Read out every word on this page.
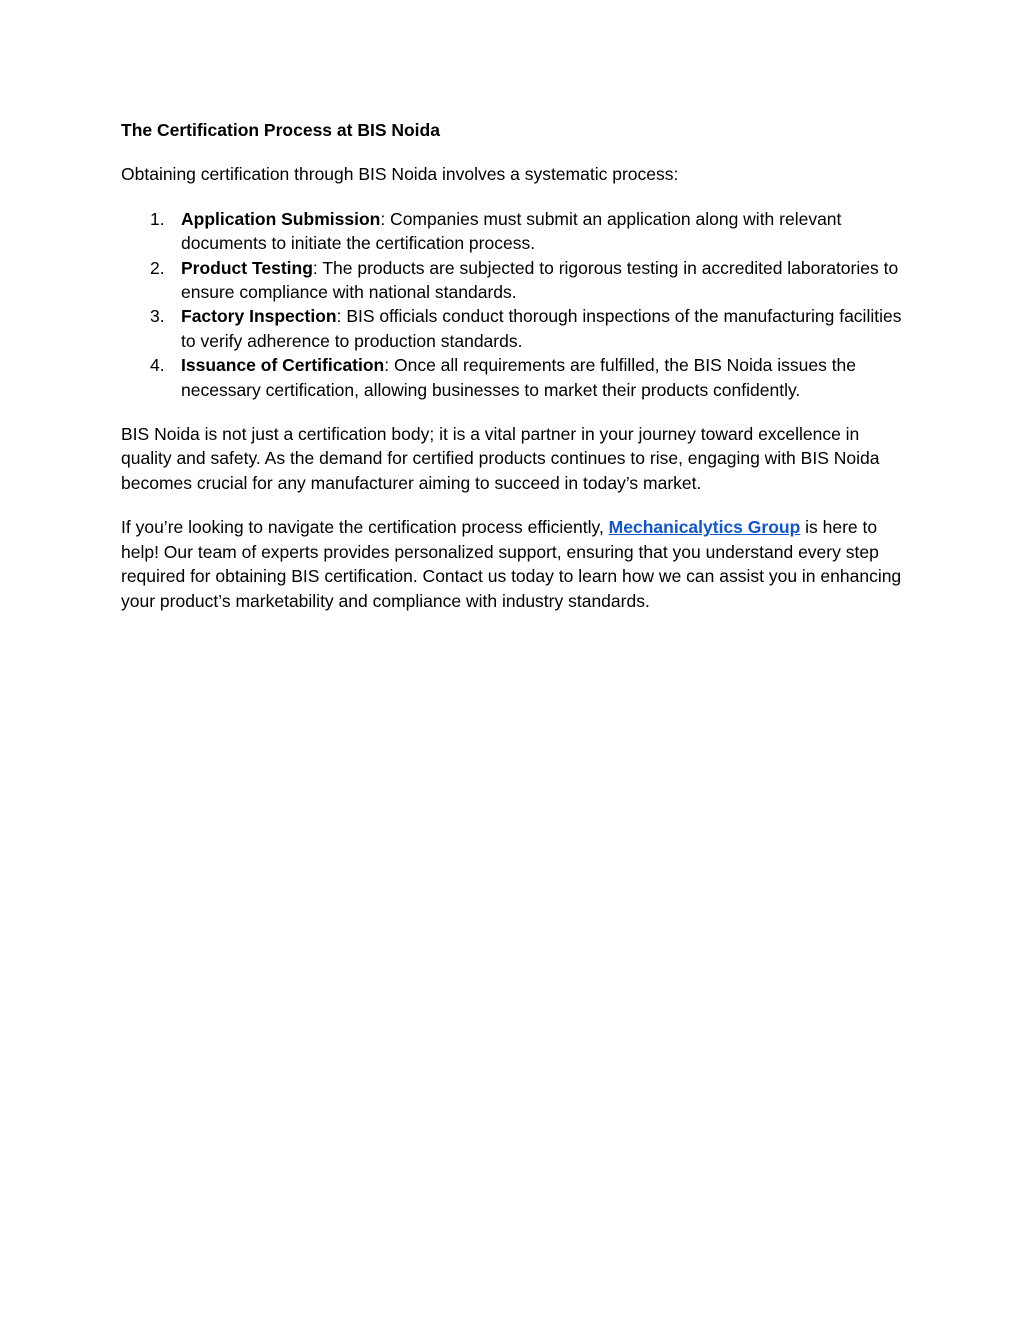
The Certification Process at BIS Noida

Obtaining certification through BIS Noida involves a systematic process:

1. Application Submission: Companies must submit an application along with relevant documents to initiate the certification process.
2. Product Testing: The products are subjected to rigorous testing in accredited laboratories to ensure compliance with national standards.
3. Factory Inspection: BIS officials conduct thorough inspections of the manufacturing facilities to verify adherence to production standards.
4. Issuance of Certification: Once all requirements are fulfilled, the BIS Noida issues the necessary certification, allowing businesses to market their products confidently.

BIS Noida is not just a certification body; it is a vital partner in your journey toward excellence in quality and safety. As the demand for certified products continues to rise, engaging with BIS Noida becomes crucial for any manufacturer aiming to succeed in today’s market.

If you’re looking to navigate the certification process efficiently, Mechanicalytics Group is here to help! Our team of experts provides personalized support, ensuring that you understand every step required for obtaining BIS certification. Contact us today to learn how we can assist you in enhancing your product’s marketability and compliance with industry standards.
